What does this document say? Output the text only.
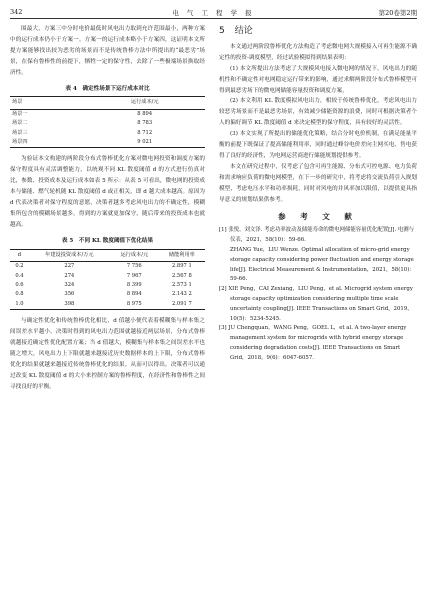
342	电 气 工 程 学 报	第20卷第2期

围最大，方案三中分时电价最低时风电出力取到允许范围最小，两种方案中的运行成本仍小于方案一。方案一的运行成本略小于方案四，这证明本文所提方案能够找出较为恶劣的场景而不是传统鲁棒方法中所提出的“最恶劣”场景，在保有鲁棒性的前提下，牺牲一定的保守性，去除了一些极端场景换取经济性。

表 4　确定性场景下运行成本对比
场景	运行成本/元
场景一	8 894
场景二	8 783
场景三	8 712
场景四	9 021

为验证本文构建的两阶段分布式鲁棒优化方案对微电网投资和调度方案的保守程度具有灵活调整能力，以统观不同 KL 散度阈值 d 的方式进行仿真对比，参数、投资成本及运行成本如表 5 所示：从表 5 可看出，微电网的投资成本与储能、燃气轮机随 KL 散度阈值 d 或正相关，即 d 越大成本越高。原因为 d 代表决策者对保守程度的意愿，决策者越多考虑风电出力的不确定性，模糊集所包含的模糊场景越多，得到的方案就更加保守，随后带来的投资成本也就越高。

表 5　不同 KL 散度阈值下优化结果
d	年建设投资成本/万元	运行成本/元	储能利用率
0.2	227	7 756	2.897 1
0.4	274	7 967	2.567 8
0.6	324	8 399	2.573 1
0.8	356	8 894	2.143 2
1.0	398	8 975	2.091 7

与确定性优化和传统鲁棒优化相比，d 值越小便代表着模糊集与样本集之间误差水平越小，决策时得到的风电出力范围就越接近两层场景，分布式鲁棒就越接近确定性优化配置方案；当 d 值越大，模糊集与样本集之间误差水平也随之增大，风电出力上下限就越来越接近历史数据样本的上下限，分布式鲁棒优化的结果就越来越接近传统鲁棒优化的结果。从而可以得出，决策者可以通过改变 KL 散度阈值 d 的大小来控制方案的鲁棒程度，在经济性和鲁棒性之间寻找良好的平衡。

5 结论

本文通过两阶段鲁棒优化方法构造了考虑微电网大规模接入可再生能源不确定性的投资-调度模型，经过试验模拟得到结果表明：

(1) 本文所提出方法考虑了大规模风电接入微电网的情况下，风电出力的随机性和不确定性对电网稳定运行带来的影响，通过求解两阶段分布式鲁棒模型可得到最恶劣场下的微电网储能容量投资和调度方案。

(2) 本文利用 KL 散度模拟风电出力，相较于传统鲁棒优化，考虑风电出力较恶劣场景而不是最恶劣场景，有效减少储能资源的浪费，同时可根据决策者个人的偏好调节 KL 散度阈值 d 来决定模型的保守程度，具有较好的灵活性。

(3) 本文实现了所提出的储能优化策略，结合分时电价机制，在满足能量平衡的前提下既保证了提高储能利用率，同时通过峰谷电价差向主网买电、售电获得了良好的经济性，为电网运营商进行储能规划提供参考。

本文在研究过程中，仅考虑了包含可再生能源、分布式可控电源、电力负荷和需求响应负荷的微电网模型，在下一步的研究中，将考虑将交流负荷引入规划模型，考虑电压水平和功率损耗，同时对风电的并风率加以限值，以提供更具指导意义的规划结果供参考。

参 考 文 献
[1] 张悦，刘文泽. 考虑功率波动及储能寿命的微电网储能容量优化配置[J]. 电测与仪表，2021，58(10)：59-66.
ZHANG Yue，LIU Wenze. Optimal allocation of micro-grid energy storage capacity considering power fluctuation and energy storage life[J]. Electrical Measurement & Instrumentation，2021，58(10)：59-66.
[2] XIE Peng，CAI Zexiang，LIU Peng，et al. Microgrid system energy storage capacity optimization considering multiple time scale uncertainty coupling[J]. IEEE Transactions on Smart Grid，2019，10(5)：5234-5245.
[3] JU Chengquan，WANG Peng，GOEL L，et al. A two-layer energy management system for microgrids with hybrid energy storage considering degradation costs[J]. IEEE Transactions on Smart Grid，2018，9(6)：6047-6057.
